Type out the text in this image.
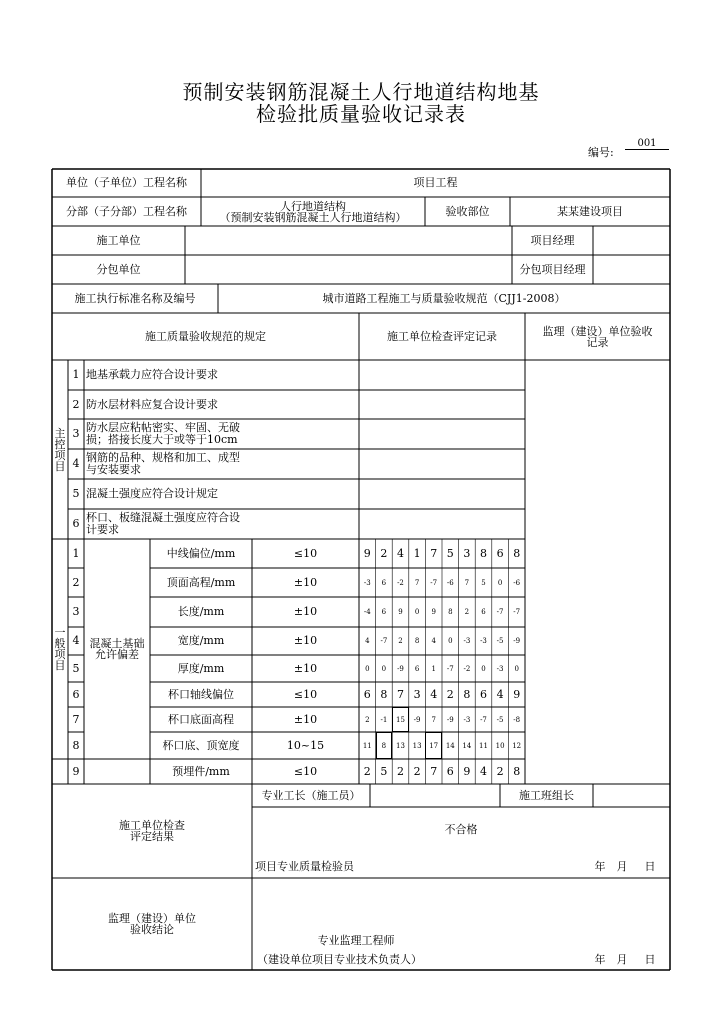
预制安装钢筋混凝土人行地道结构地基
检验批质量验收记录表
编号:
001
单位（子单位）工程名称	项目工程
分部（子分部）工程名称	人行地道结构
（预制安装钢筋混凝土人行地道结构）	验收部位	某某建设项目
施工单位	项目经理
分包单位	分包项目经理
施工执行标准名称及编号	城市道路工程施工与质量验收规范（CJJ1-2008）
施工质量验收规范的规定	施工单位检查评定记录	监理（建设）单位验收
记录
主
控
项
目
1 地基承载力应符合设计要求
2 防水层材料应复合设计要求
3 防水层应粘帖密实、牢固、无破
损；搭接长度大于或等于10cm
4 钢筋的品种、规格和加工、成型
与安装要求
5 混凝土强度应符合设计规定
6 杯口、板缝混凝土强度应符合设
计要求
一
般
项
目
混凝土基础
允许偏差
1	中线偏位/mm	≤10	9 2 4 1 7 5 3 8 6 8
2	顶面高程/mm	±10	-3	6	-2	7	-7	-6	7	5	0	-6
3	长度/mm	±10	-4	6	9	0	9	8	2	6	-7	-7
4	宽度/mm	±10	4	-7	2	8	4	0	-3	-3	-5	-9
5	厚度/mm	±10	0	0	-9	6	1	-7	-2	0	-3	0
6	杯口轴线偏位	≤10	6 8 7 3 4 2 8 6 4 9
7	杯口底面高程	±10	2	-1	15	-9	7	-9	-3	-7	-5	-8
8	杯口底、顶宽度	10~15	11	8	13	13	17	14	14	11	10	12
9	预埋件/mm	≤10	2 5 2 2 7 6 9 4 2 8
专业工长（施工员）	施工班组长
施工单位检查
评定结果
不合格
项目专业质量检验员	年	月	日
监理（建设）单位
验收结论
专业监理工程师
（建设单位项目专业技术负责人）	年	月	日
